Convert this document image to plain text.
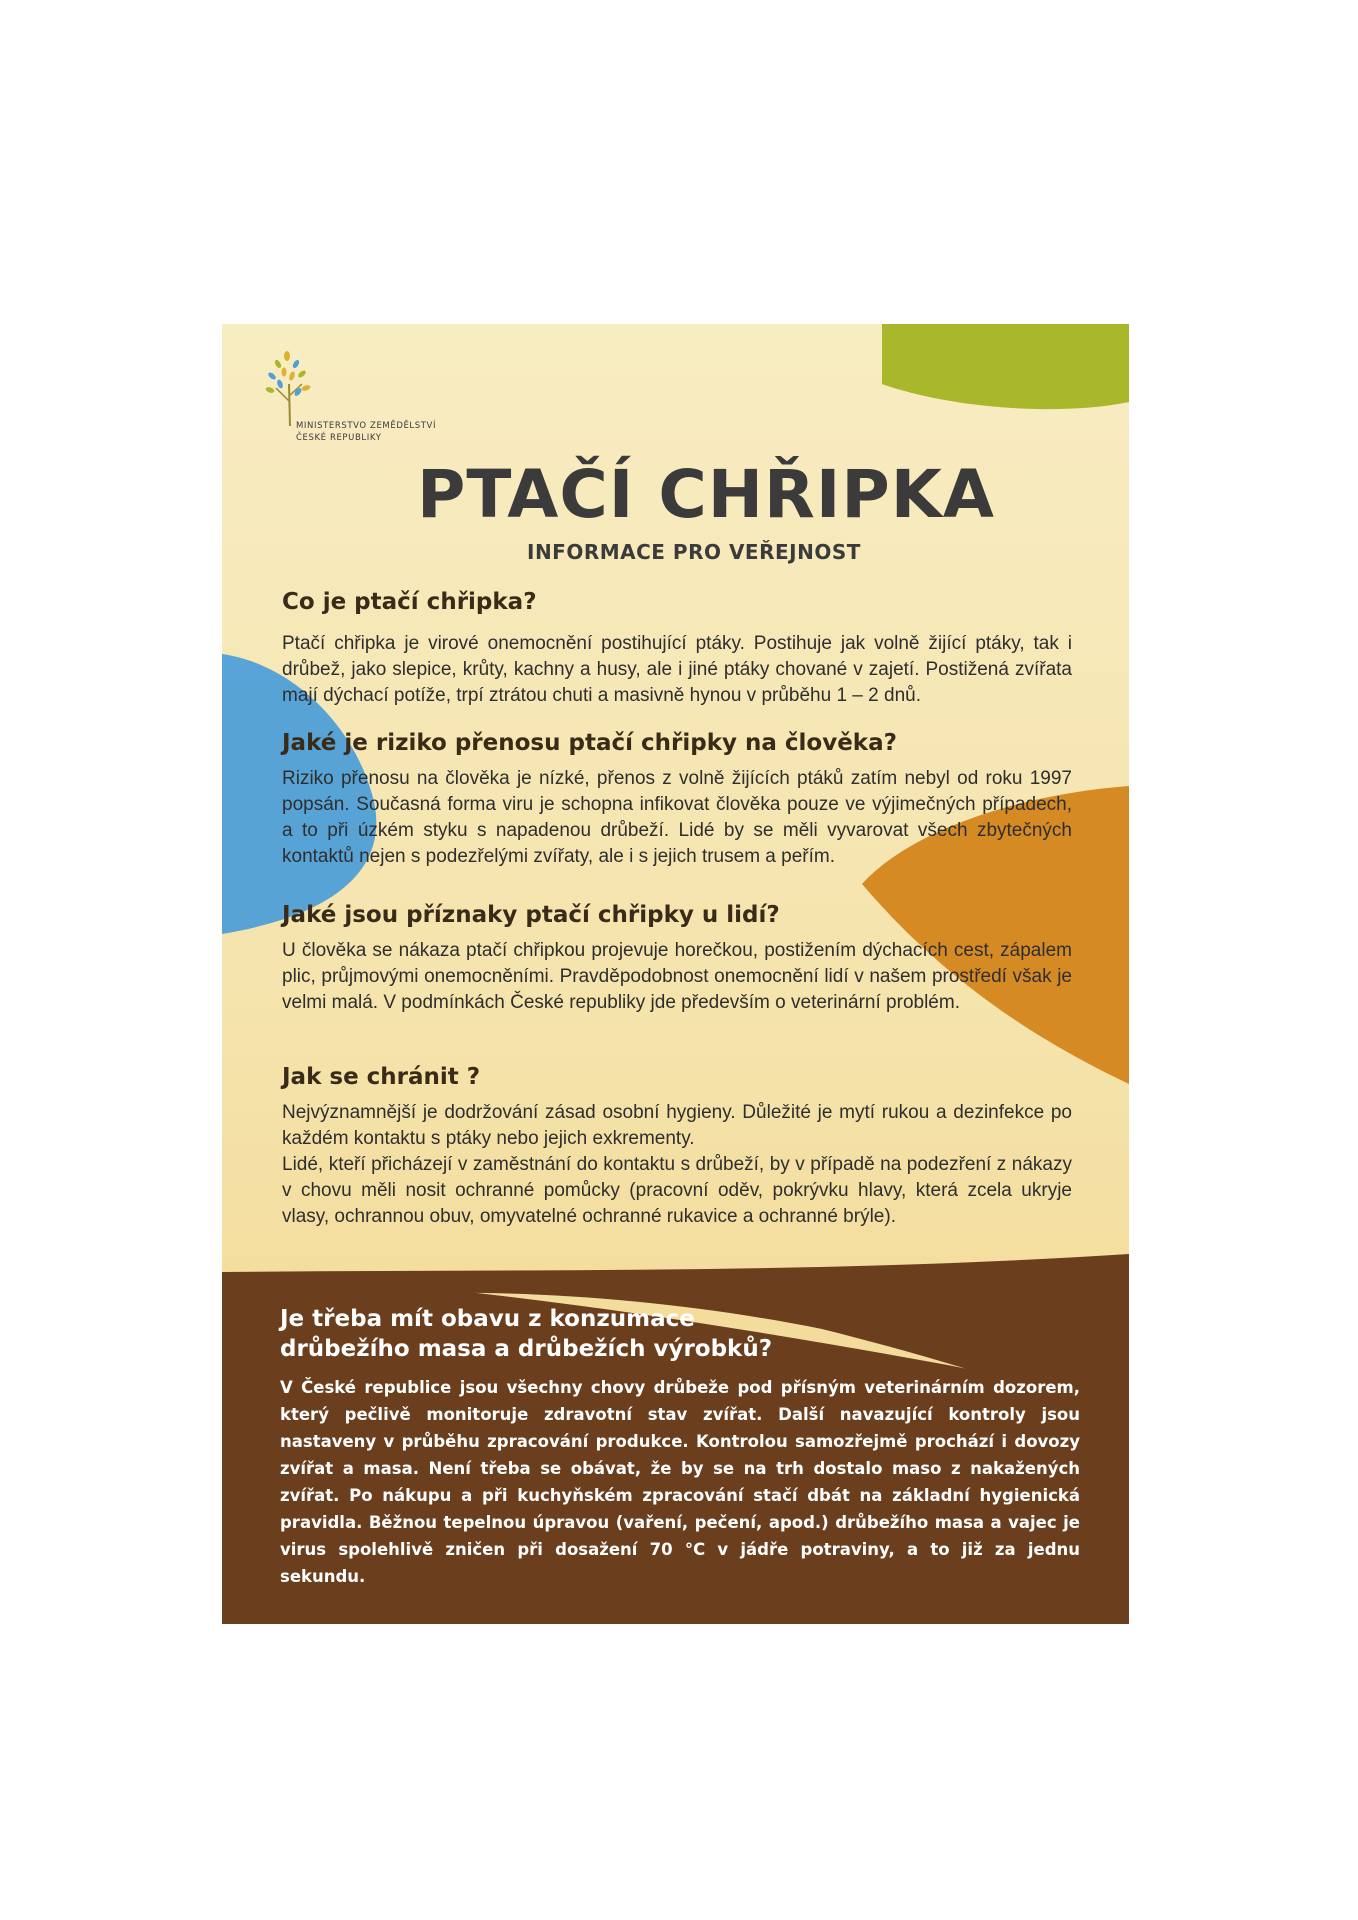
MINISTERSTVO ZEMĚDĚLSTVÍ
ČESKÉ REPUBLIKY
PTAČÍ CHŘIPKA
INFORMACE PRO VEŘEJNOST
Co je ptačí chřipka?

Ptačí chřipka je virové onemocnění postihující ptáky. Postihuje jak volně žijící ptáky, tak i drůbež, jako slepice, krůty, kachny a husy, ale i jiné ptáky chované v zajetí. Postižená zvířata mají dýchací potíže, trpí ztrátou chuti a masivně hynou v průběhu 1 – 2 dnů.

Jaké je riziko přenosu ptačí chřipky na člověka?

Riziko přenosu na člověka je nízké, přenos z volně žijících ptáků zatím nebyl od roku 1997 popsán. Současná forma viru je schopna infikovat člověka pouze ve výjimečných případech, a to při úzkém styku s napadenou drůbeží. Lidé by se měli vyvarovat všech zbytečných kontaktů nejen s podezřelými zvířaty, ale i s jejich trusem a peřím.

Jaké jsou příznaky ptačí chřipky u lidí?

U člověka se nákaza ptačí chřipkou projevuje horečkou, postižením dýchacích cest, zápalem plic, průjmovými onemocněními. Pravděpodobnost onemocnění lidí v našem prostředí však je velmi malá. V podmínkách České republiky jde především o veterinární problém.

Jak se chránit ?

Nejvýznamnější je dodržování zásad osobní hygieny. Důležité je mytí rukou a dezinfekce po každém kontaktu s ptáky nebo jejich exkrementy.

Lidé, kteří přicházejí v zaměstnání do kontaktu s drůbeží, by v případě na podezření z nákazy v chovu měli nosit ochranné pomůcky (pracovní oděv, pokrývku hlavy, která zcela ukryje vlasy, ochrannou obuv, omyvatelné ochranné rukavice a ochranné brýle).

Je třeba mít obavu z konzumace
drůbežího masa a drůbežích výrobků?

V České republice jsou všechny chovy drůbeže pod přísným veterinárním dozorem, který pečlivě monitoruje zdravotní stav zvířat. Další navazující kontroly jsou nastaveny v průběhu zpracování produkce. Kontrolou samozřejmě prochází i dovozy zvířat a masa. Není třeba se obávat, že by se na trh dostalo maso z nakažených zvířat. Po nákupu a při kuchyňském zpracování stačí dbát na základní hygienická pravidla. Běžnou tepelnou úpravou (vaření, pečení, apod.) drůbežího masa a vajec je virus spolehlivě zničen při dosažení 70 °C v jádře potraviny, a to již za jednu sekundu.
